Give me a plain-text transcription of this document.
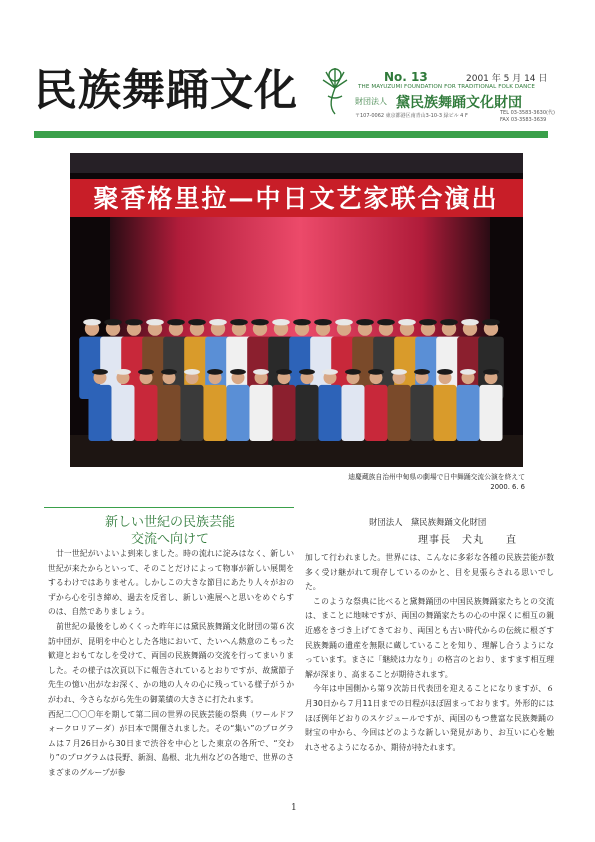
民族舞踊文化	No. 13	2001 年 5 月 14 日
THE MAYUZUMI FOUNDATION FOR TRADITIONAL FOLK DANCE
財団法人 黛民族舞踊文化財団
〒107-0062 東京都港区南青山3-10-3 緑ビル 4 F	TEL 03-3583-3630(代)
FAX 03-3583-3639
聚香格里拉—中日文艺家联合演出
迪慶蔵族自治州中甸県の劇場で日中舞踊交流公演を終えて
2000. 6. 6
新しい世紀の民族芸能
交流へ向けて
財団法人　黛民族舞踊文化財団
理事長　犬丸　　直

　廿一世紀がいよいよ到来しました。時の流れに淀みはなく、新しい世紀が来たからといって、そのことだけによって物事が新しい展開をするわけではありません。しかしこの大きな節目にあたり人々がおのずから心を引き締め、過去を反省し、新しい進展へと思いをめぐらすのは、自然でありましょう。

　前世紀の最後をしめくくった昨年には黛民族舞踊文化財団の第６次訪中団が、昆明を中心とした各地において、たいへん熱意のこもった歓迎とおもてなしを受けて、両国の民族舞踊の交流を行ってまいりました。その様子は次頁以下に報告されているとおりですが、故黛節子先生の憶い出がなお深く、かの地の人々の心に残っている様子がうかがわれ、今さらながら先生の御業績の大きさに打たれます。

西紀二〇〇〇年を期して第二回の世界の民族芸能の祭典（ワールドフォークロリアーダ）が日本で開催されました。その“集い”のプログラムは７月26日から30日まで渋谷を中心とした東京の各所で、“交わり”のプログラムは長野、新潟、島根、北九州などの各地で、世界のさまざまのグループが参

加して行われました。世界には、こんなに多彩な各種の民族芸能が数多く受け継がれて現存しているのかと、目を見張らされる思いでした。

　このような祭典に比べると黛舞踊団の中国民族舞踊家たちとの交流は、まことに地味ですが、両国の舞踊家たちの心の中深くに相互の親近感をきづき上げてきており、両国とも古い時代からの伝統に根ざす民族舞踊の遺産を無限に蔵していることを知り、理解し合うようになっています。まさに「継続は力なり」の格言のとおり、ますます相互理解が深まり、高まることが期待されます。

　今年は中国側から第９次訪日代表団を迎えることになりますが、６月30日から７月11日までの日程がほぼ固まっております。外形的にはほぼ例年どおりのスケジュールですが、両国のもつ豊富な民族舞踊の財宝の中から、今回はどのような新しい発見があり、お互いに心を触れさせるようになるか、期待が持たれます。

1
